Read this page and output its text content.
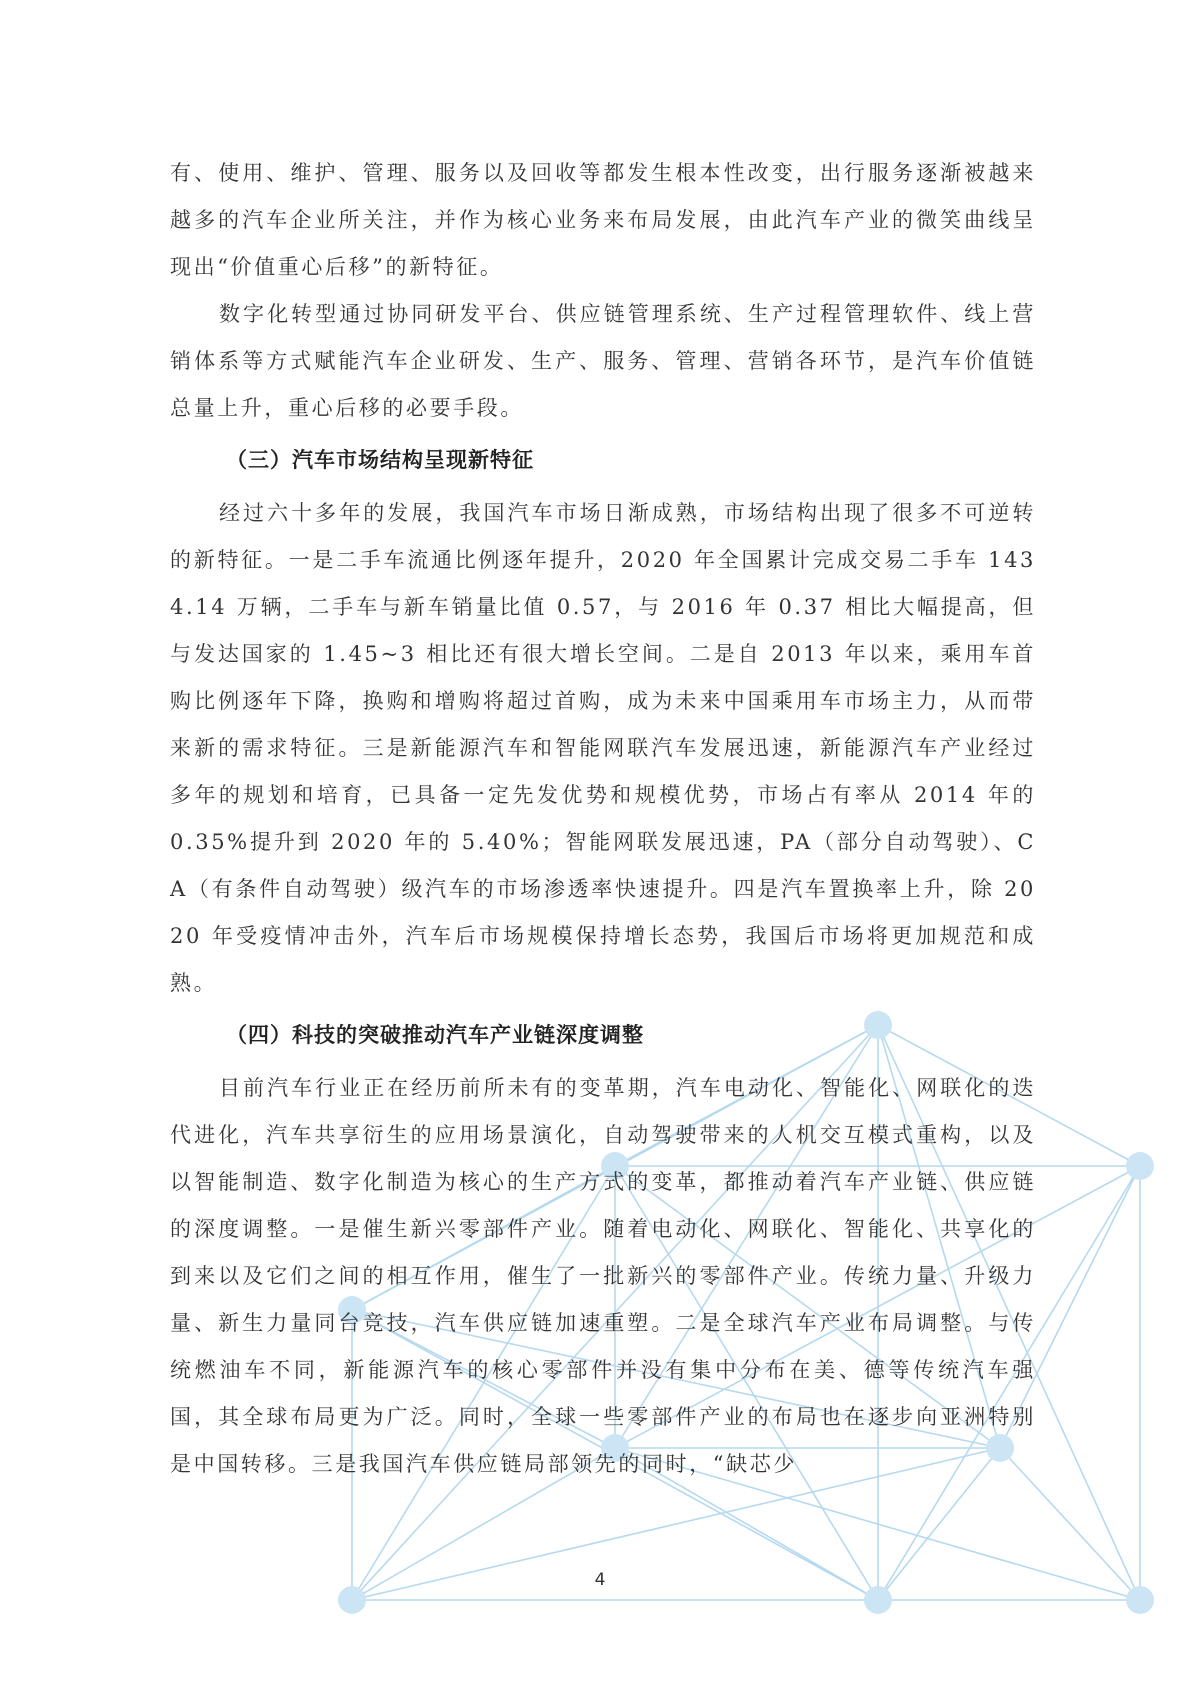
有、使用、维护、管理、服务以及回收等都发生根本性改变，出行服务逐渐被越来越多的汽车企业所关注，并作为核心业务来布局发展，由此汽车产业的微笑曲线呈现出“价值重心后移”的新特征。

数字化转型通过协同研发平台、供应链管理系统、生产过程管理软件、线上营销体系等方式赋能汽车企业研发、生产、服务、管理、营销各环节，是汽车价值链总量上升，重心后移的必要手段。

（三）汽车市场结构呈现新特征

经过六十多年的发展，我国汽车市场日渐成熟，市场结构出现了很多不可逆转的新特征。一是二手车流通比例逐年提升，2020 年全国累计完成交易二手车 1434.14 万辆，二手车与新车销量比值 0.57，与 2016 年 0.37 相比大幅提高，但与发达国家的 1.45~3 相比还有很大增长空间。二是自 2013 年以来，乘用车首购比例逐年下降，换购和增购将超过首购，成为未来中国乘用车市场主力，从而带来新的需求特征。三是新能源汽车和智能网联汽车发展迅速，新能源汽车产业经过多年的规划和培育，已具备一定先发优势和规模优势，市场占有率从 2014 年的 0.35%提升到 2020 年的 5.40%；智能网联发展迅速，PA（部分自动驾驶）、CA（有条件自动驾驶）级汽车的市场渗透率快速提升。四是汽车置换率上升，除 2020 年受疫情冲击外，汽车后市场规模保持增长态势，我国后市场将更加规范和成熟。

（四）科技的突破推动汽车产业链深度调整

目前汽车行业正在经历前所未有的变革期，汽车电动化、智能化、网联化的迭代进化，汽车共享衍生的应用场景演化，自动驾驶带来的人机交互模式重构，以及以智能制造、数字化制造为核心的生产方式的变革，都推动着汽车产业链、供应链的深度调整。一是催生新兴零部件产业。随着电动化、网联化、智能化、共享化的到来以及它们之间的相互作用，催生了一批新兴的零部件产业。传统力量、升级力量、新生力量同台竞技，汽车供应链加速重塑。二是全球汽车产业布局调整。与传统燃油车不同，新能源汽车的核心零部件并没有集中分布在美、德等传统汽车强国，其全球布局更为广泛。同时，全球一些零部件产业的布局也在逐步向亚洲特别是中国转移。三是我国汽车供应链局部领先的同时，“缺芯少

4
